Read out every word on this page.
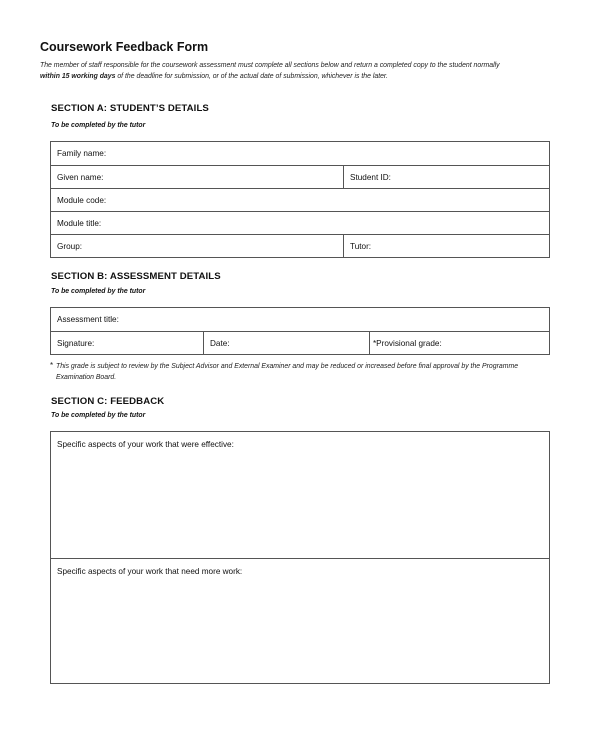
Coursework Feedback Form
The member of staff responsible for the coursework assessment must complete all sections below and return a completed copy to the student normally
within 15 working days of the deadline for submission, or of the actual date of submission, whichever is the later.
SECTION A: STUDENT’S DETAILS
To be completed by the tutor
Family name:
Given name:	Student ID:
Module code:
Module title:
Group:	Tutor:
SECTION B: ASSESSMENT DETAILS
To be completed by the tutor
Assessment title:
Signature:	Date:	*Provisional grade:
* This grade is subject to review by the Subject Advisor and External Examiner and may be reduced or increased before final approval by the Programme Examination Board.
SECTION C: FEEDBACK
To be completed by the tutor
Specific aspects of your work that were effective:
Specific aspects of your work that need more work:
